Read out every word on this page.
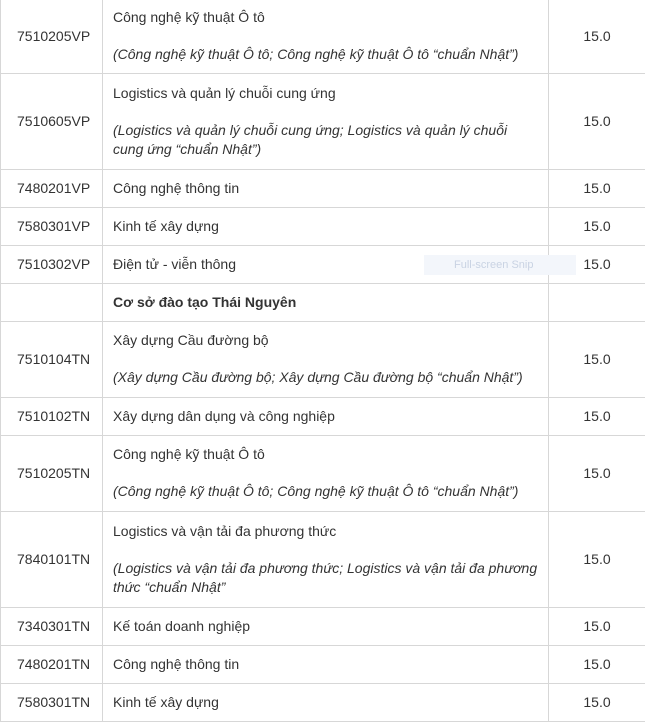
7510205VP	Công nghệ kỹ thuật Ô tô

(Công nghệ kỹ thuật Ô tô; Công nghệ kỹ thuật Ô tô “chuẩn Nhật”)	15.0
7510605VP	Logistics và quản lý chuỗi cung ứng

(Logistics và quản lý chuỗi cung ứng; Logistics và quản lý chuỗi cung ứng “chuẩn Nhật”)	15.0
7480201VP	Công nghệ thông tin	15.0
7580301VP	Kinh tế xây dựng	15.0
7510302VP	Điện tử - viễn thông	15.0
	Cơ sở đào tạo Thái Nguyên	
7510104TN	Xây dựng Cầu đường bộ

(Xây dựng Cầu đường bộ; Xây dựng Cầu đường bộ “chuẩn Nhật”)	15.0
7510102TN	Xây dựng dân dụng và công nghiệp	15.0
7510205TN	Công nghệ kỹ thuật Ô tô

(Công nghệ kỹ thuật Ô tô; Công nghệ kỹ thuật Ô tô “chuẩn Nhật”)	15.0
7840101TN	Logistics và vận tải đa phương thức

(Logistics và vận tải đa phương thức; Logistics và vận tải đa phương thức “chuẩn Nhật”	15.0
7340301TN	Kế toán doanh nghiệp	15.0
7480201TN	Công nghệ thông tin	15.0
7580301TN	Kinh tế xây dựng	15.0
Full-screen Snip
